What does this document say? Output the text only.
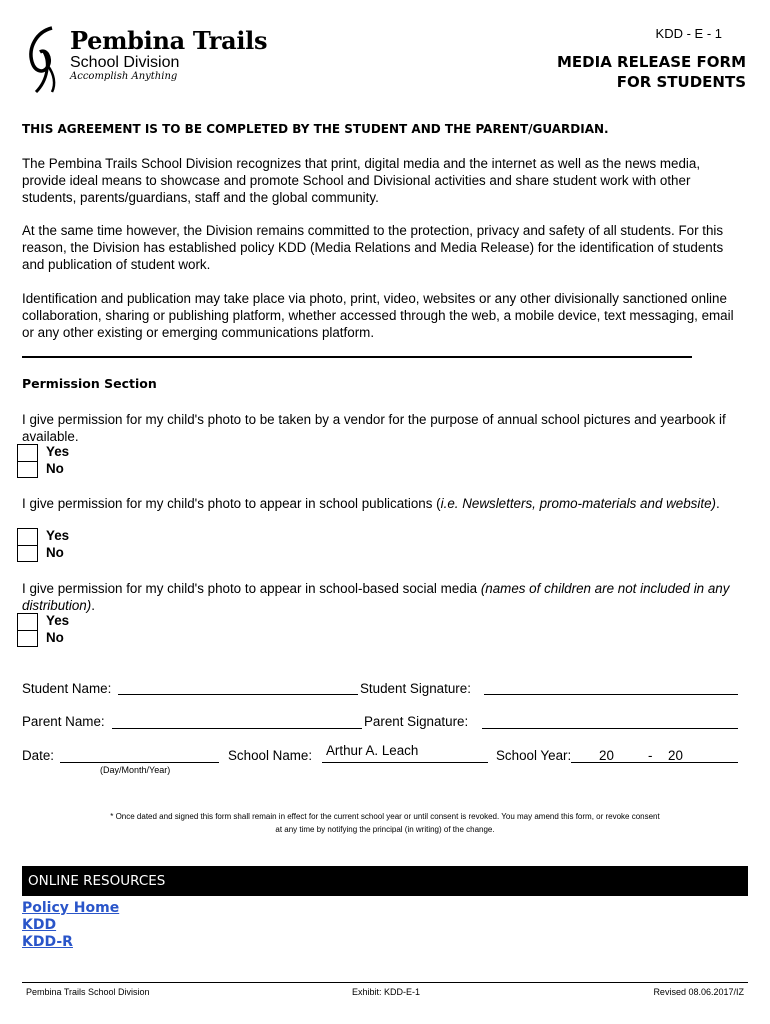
Pembina Trails
School Division
Accomplish Anything
KDD - E - 1
MEDIA RELEASE FORM
FOR STUDENTS
THIS AGREEMENT IS TO BE COMPLETED BY THE STUDENT AND THE PARENT/GUARDIAN.
The Pembina Trails School Division recognizes that print, digital media and the internet as well as the news media, provide ideal means to showcase and promote School and Divisional activities and share student work with other students, parents/guardians, staff and the global community.
At the same time however, the Division remains committed to the protection, privacy and safety of all students. For this reason, the Division has established policy KDD (Media Relations and Media Release) for the identification of students and publication of student work.
Identification and publication may take place via photo, print, video, websites or any other divisionally sanctioned online collaboration, sharing or publishing platform, whether accessed through the web, a mobile device, text messaging, email or any other existing or emerging communications platform.
Permission Section
I give permission for my child's photo to be taken by a vendor for the purpose of annual school pictures and yearbook if available.
Yes
No
I give permission for my child's photo to appear in school publications (i.e. Newsletters, promo-materials and website).
Yes
No
I give permission for my child's photo to appear in school-based social media (names of children are not included in any distribution).
Yes
No
Student Name:	Student Signature:
Parent Name:	Parent Signature:
Date:
(Day/Month/Year)
School Name: Arthur A. Leach	School Year: 20	- 20
* Once dated and signed this form shall remain in effect for the current school year or until consent is revoked. You may amend this form, or revoke consent
at any time by notifying the principal (in writing) of the change.
ONLINE RESOURCES
Policy Home
KDD
KDD-R
Pembina Trails School Division	Exhibit: KDD-E-1	Revised 08.06.2017/IZ
